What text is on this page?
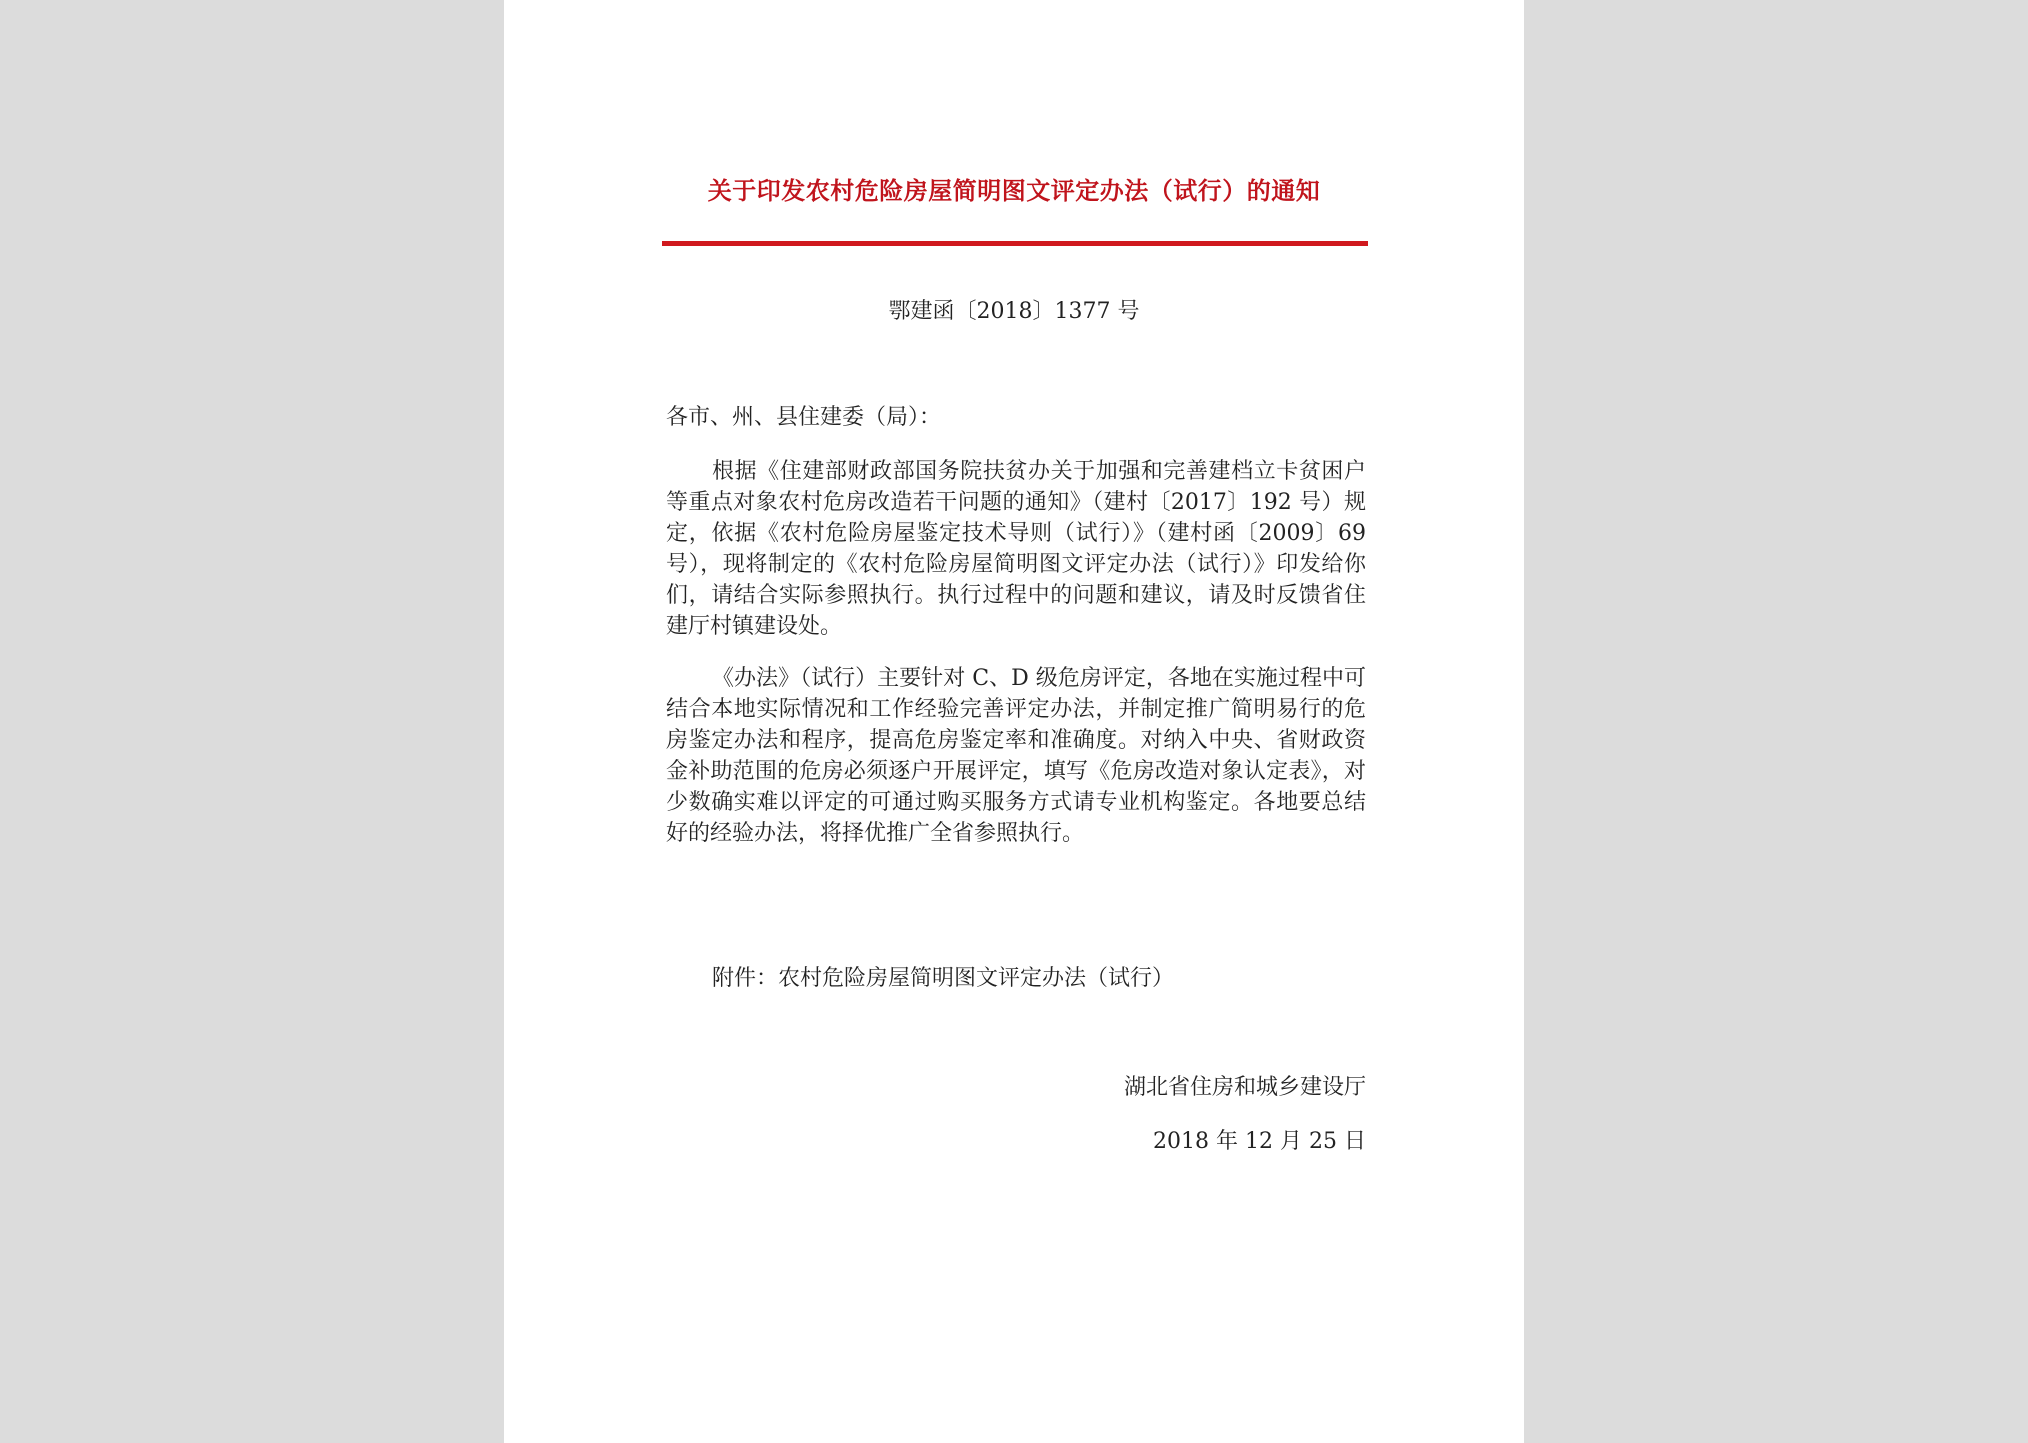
关于印发农村危险房屋简明图文评定办法（试行）的通知
鄂建函〔2018〕1377 号
各市、州、县住建委（局）：
根据《住建部财政部国务院扶贫办关于加强和完善建档立卡贫困户等重点对象农村危房改造若干问题的通知》（建村〔2017〕192 号）规定，依据《农村危险房屋鉴定技术导则（试行）》（建村函〔2009〕69 号），现将制定的《农村危险房屋简明图文评定办法（试行）》印发给你们，请结合实际参照执行。执行过程中的问题和建议，请及时反馈省住建厅村镇建设处。
《办法》（试行）主要针对 C、D 级危房评定，各地在实施过程中可结合本地实际情况和工作经验完善评定办法，并制定推广简明易行的危房鉴定办法和程序，提高危房鉴定率和准确度。对纳入中央、省财政资金补助范围的危房必须逐户开展评定，填写《危房改造对象认定表》，对少数确实难以评定的可通过购买服务方式请专业机构鉴定。各地要总结好的经验办法，将择优推广全省参照执行。
附件：农村危险房屋简明图文评定办法（试行）
湖北省住房和城乡建设厅
2018 年 12 月 25 日
